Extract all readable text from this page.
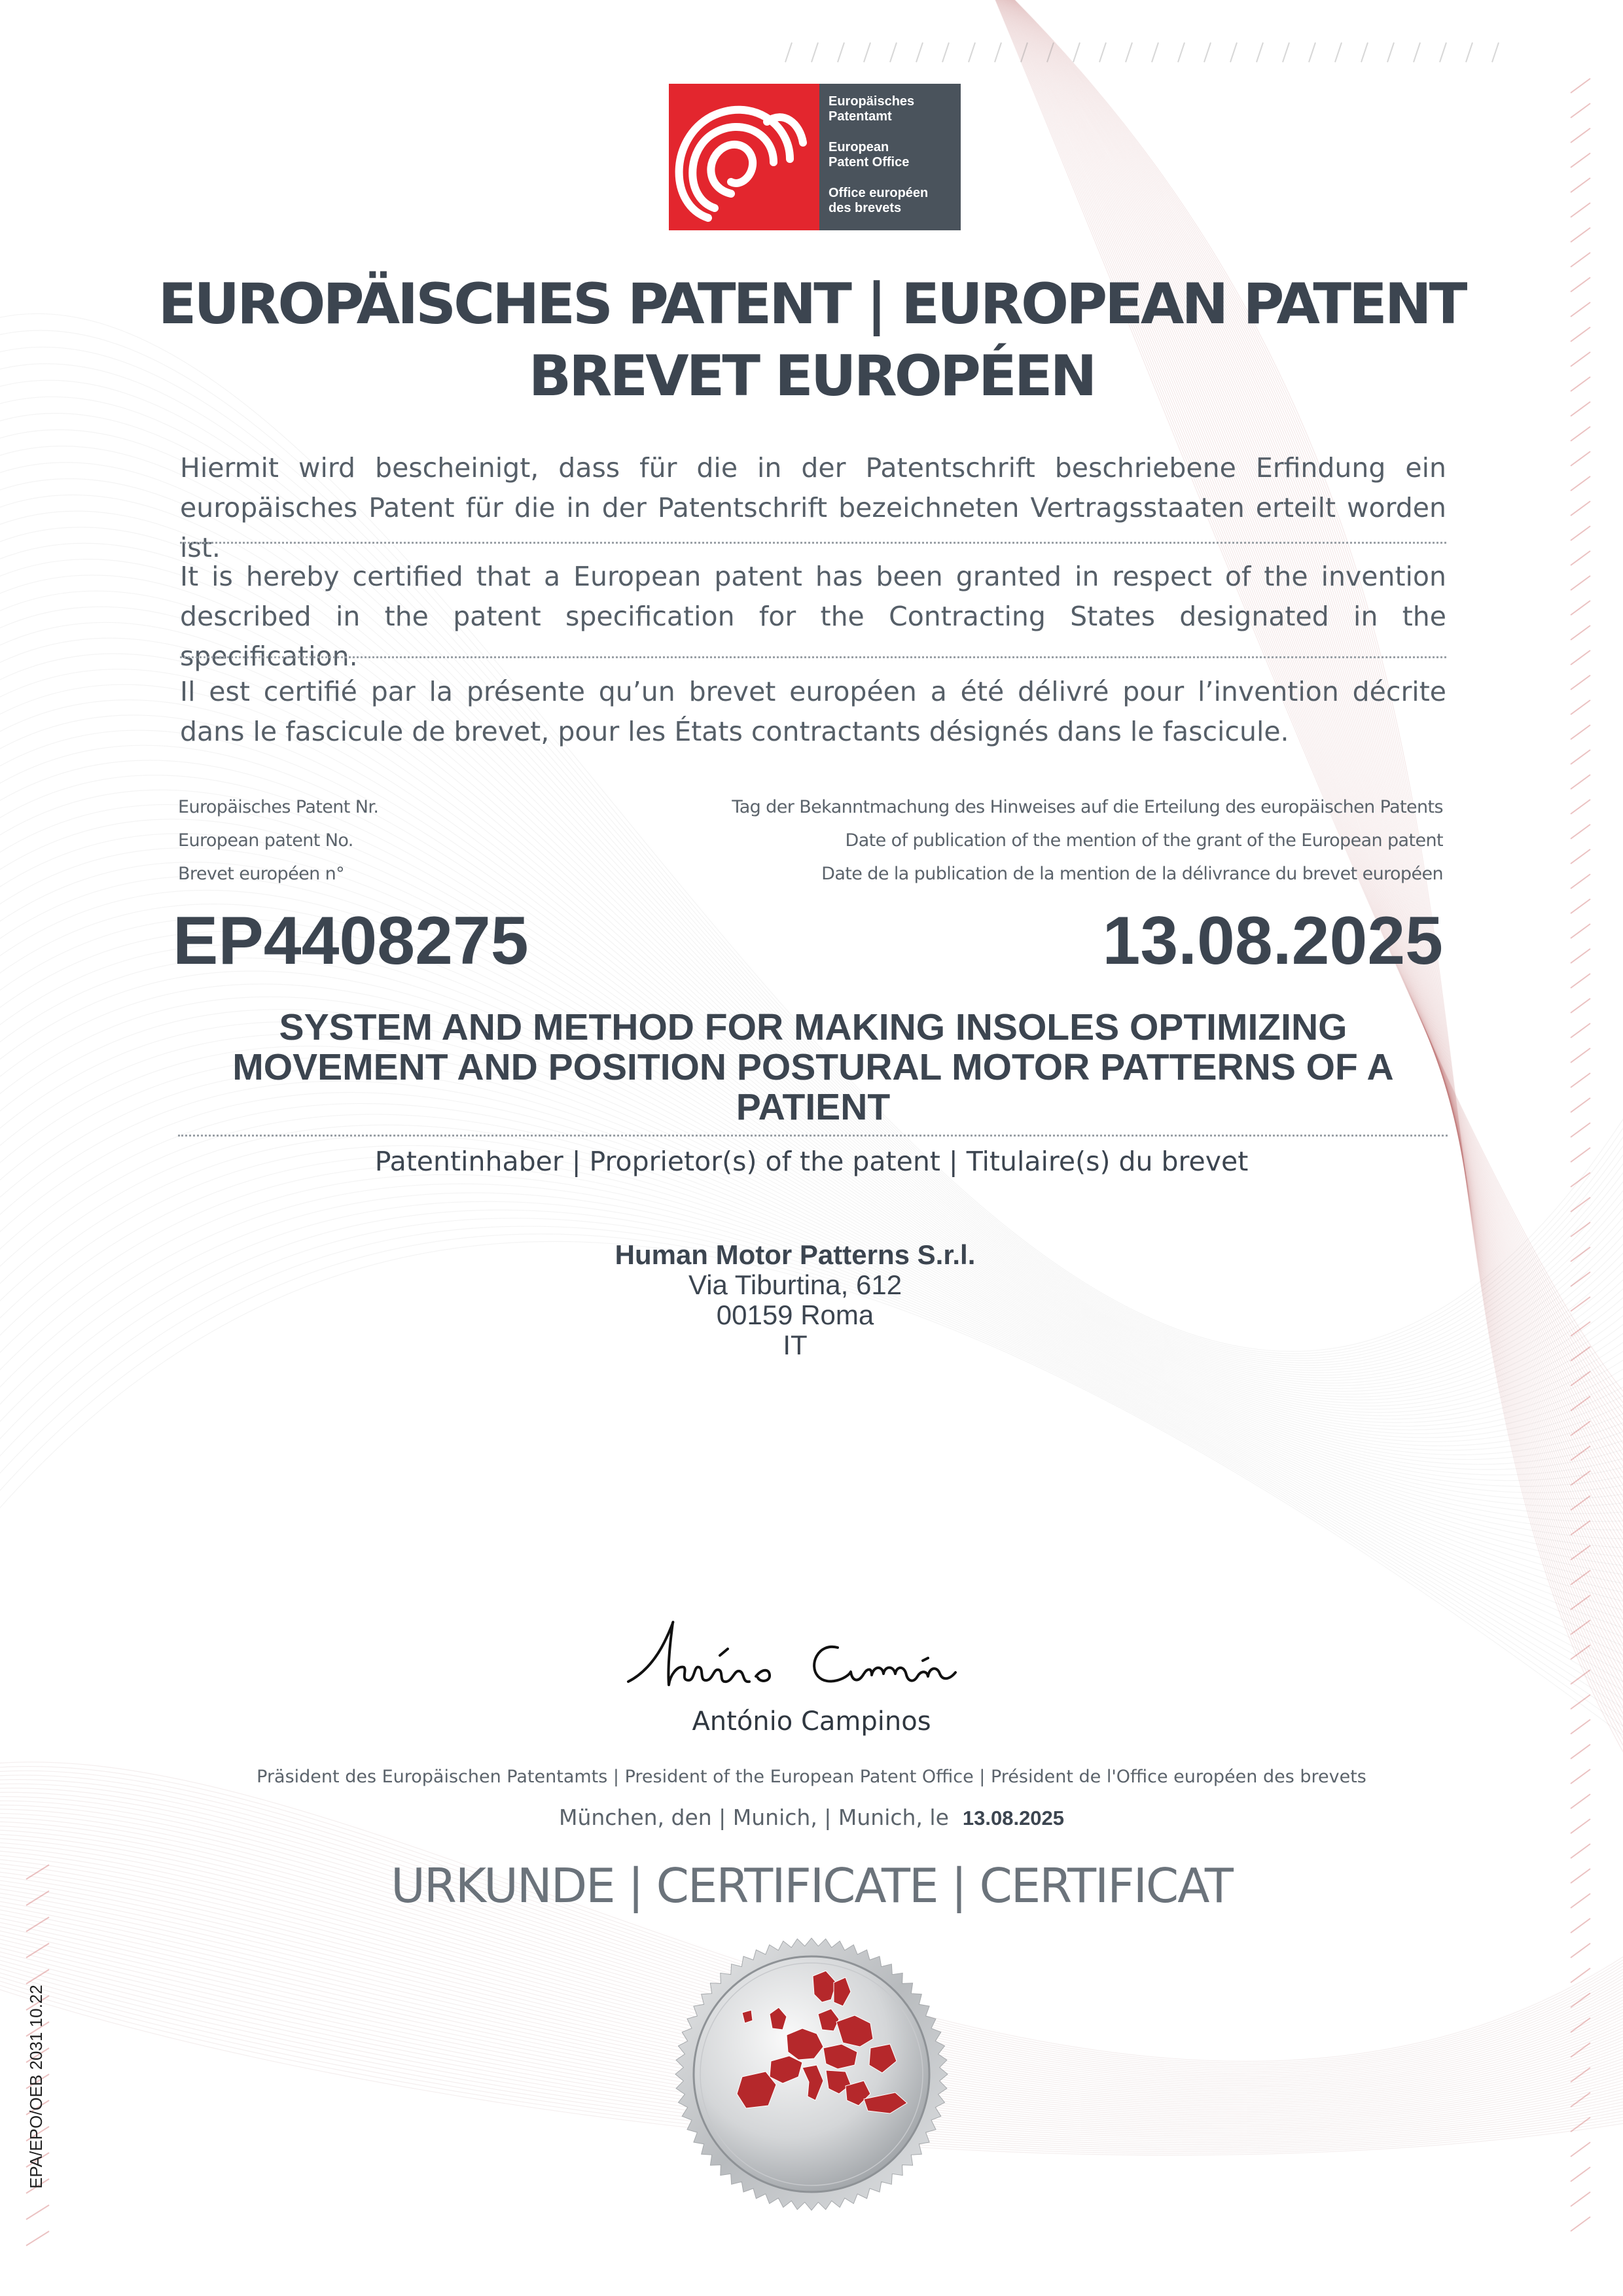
Europäisches
Patentamt
European
Patent Office
Office européen
des brevets
EUROPÄISCHES PATENT | EUROPEAN PATENT
BREVET EUROPÉEN
Hiermit wird bescheinigt, dass für die in der Patentschrift beschriebene Erfindung ein europäisches Patent für die in der Patentschrift bezeichneten Vertragsstaaten erteilt worden ist.
It is hereby certified that a European patent has been granted in respect of the invention described in the patent specification for the Contracting States designated in the specification.
Il est certifié par la présente qu’un brevet européen a été délivré pour l’invention décrite dans le fascicule de brevet, pour les États contractants désignés dans le fascicule.
Europäisches Patent Nr.
European patent No.
Brevet européen n°
Tag der Bekanntmachung des Hinweises auf die Erteilung des europäischen Patents
Date of publication of the mention of the grant of the European patent
Date de la publication de la mention de la délivrance du brevet européen
EP4408275	13.08.2025
SYSTEM AND METHOD FOR MAKING INSOLES OPTIMIZING MOVEMENT AND POSITION POSTURAL MOTOR PATTERNS OF A PATIENT
Patentinhaber | Proprietor(s) of the patent | Titulaire(s) du brevet
Human Motor Patterns S.r.l.
Via Tiburtina, 612
00159 Roma
IT
António Campinos
Präsident des Europäischen Patentamts | President of the European Patent Office | Président de l'Office européen des brevets
München, den | Munich, | Munich, le 13.08.2025
URKUNDE | CERTIFICATE | CERTIFICAT
EPA/EPO/OEB 2031 10.22
